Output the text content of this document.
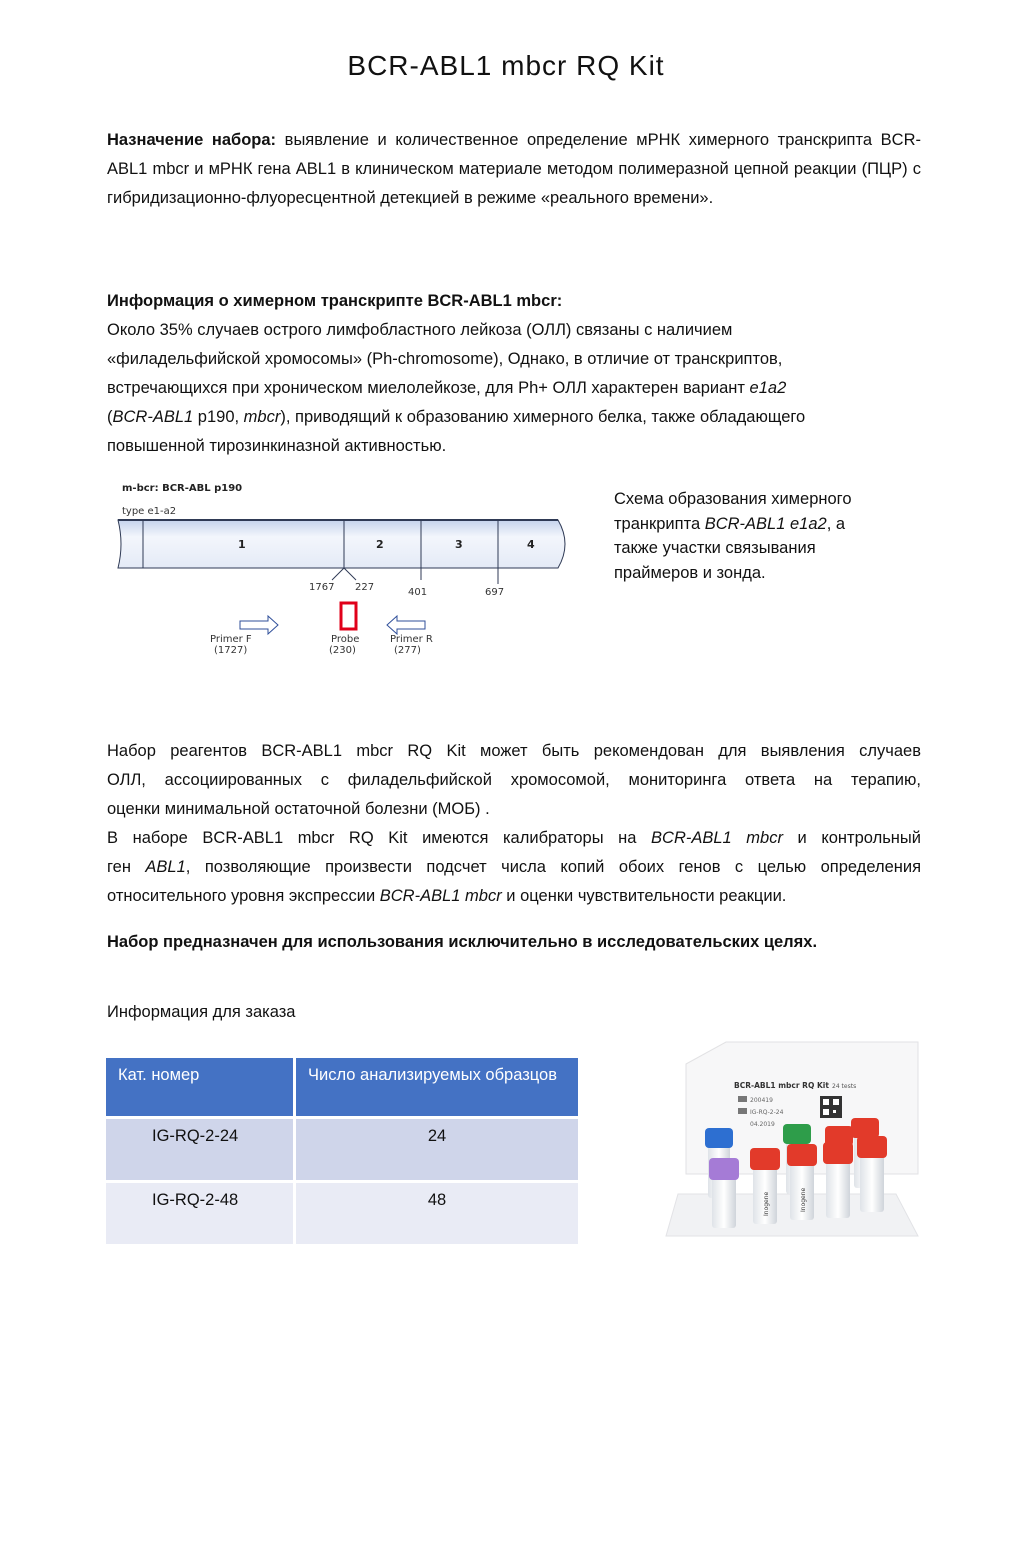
BCR-ABL1 mbcr RQ Kit
Назначение набора: выявление и количественное определение мРНК химерного транскрипта BCR-ABL1 mbcr и мРНК гена ABL1 в клиническом материале методом полимеразной цепной реакции (ПЦР) с гибридизационно-флуоресцентной детекцией в режиме «реального времени».
Информация о химерном транскрипте BCR-ABL1 mbcr:
Около 35% случаев острого лимфобластного лейкоза (ОЛЛ) связаны с наличием
«филадельфийской хромосомы» (Ph-chromosome), Однако, в отличие от транскриптов,
встречающихся при хроническом миелолейкозе, для Ph+ ОЛЛ характерен вариант e1a2
(BCR-ABL1 p190, mbcr), приводящий к образованию химерного белка, также обладающего
повышенной тирозинкиназной активностью.
m-bcr: BCR-ABL p190
type e1-a2
1	2	3	4
1767 227	401	697
Primer F
(1727)
Probe
(230)
Primer R
(277)
Схема образования химерного
транкрипта BCR-ABL1 e1a2, а
также участки связывания
праймеров и зонда.
Набор реагентов BCR-ABL1 mbcr RQ Kit может быть рекомендован для выявления случаев
ОЛЛ, ассоциированных с филадельфийской хромосомой, мониторинга ответа на терапию,
оценки минимальной остаточной болезни (МОБ) .
В наборе BCR-ABL1 mbcr RQ Kit имеются калибраторы на BCR-ABL1 mbcr и контрольный
ген ABL1, позволяющие произвести подсчет числа копий обоих генов с целью определения
относительного уровня экспрессии BCR-ABL1 mbcr и оценки чувствительности реакции.
Набор предназначен для использования исключительно в исследовательских целях.
Информация для заказа
Кат. номер	Число анализируемых образцов
IG-RQ-2-24	24
IG-RQ-2-48	48
BCR-ABL1 mbcr RQ Kit 24 tests
200419
IG-RQ-2-24
04.2019
Inogene	Inogene
